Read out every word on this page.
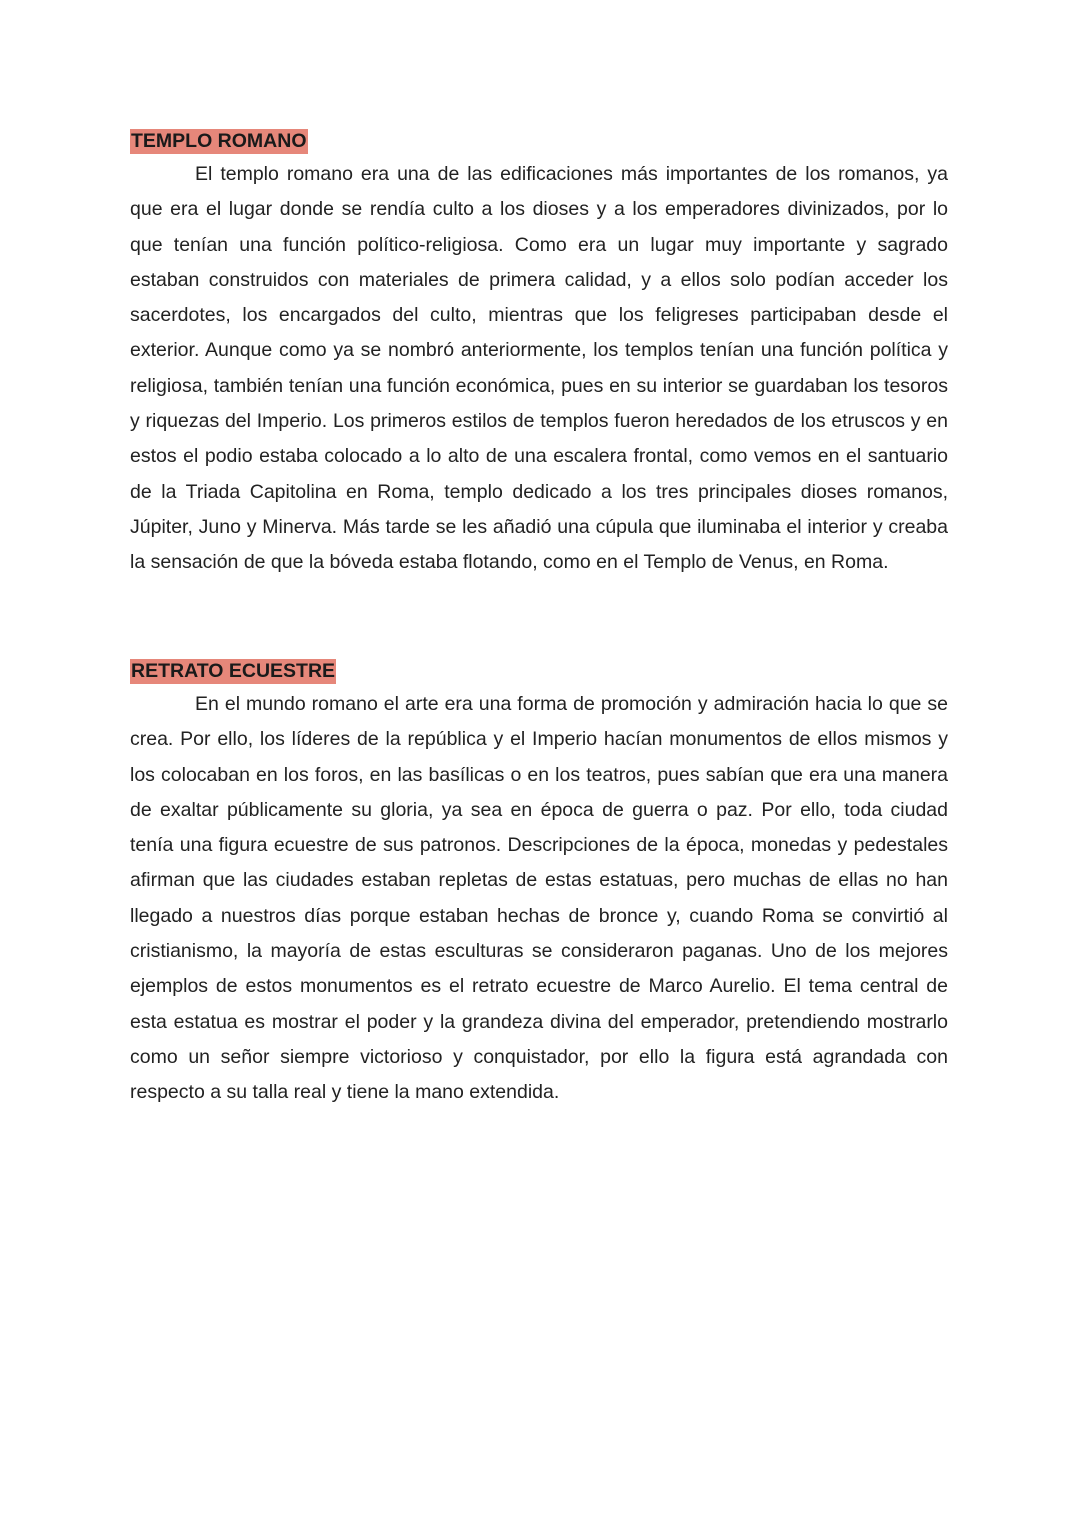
TEMPLO ROMANO

El templo romano era una de las edificaciones más importantes de los romanos, ya que era el lugar donde se rendía culto a los dioses y a los emperadores divinizados, por lo que tenían una función político-religiosa. Como era un lugar muy importante y sagrado estaban construidos con materiales de primera calidad, y a ellos solo podían acceder los sacerdotes, los encargados del culto, mientras que los feligreses participaban desde el exterior. Aunque como ya se nombró anteriormente, los templos tenían una función política y religiosa, también tenían una función económica, pues en su interior se guardaban los tesoros y riquezas del Imperio. Los primeros estilos de templos fueron heredados de los etruscos y en estos el podio estaba colocado a lo alto de una escalera frontal, como vemos en el santuario de la Triada Capitolina en Roma, templo dedicado a los tres principales dioses romanos, Júpiter, Juno y Minerva. Más tarde se les añadió una cúpula que iluminaba el interior y creaba la sensación de que la bóveda estaba flotando, como en el Templo de Venus, en Roma.

RETRATO ECUESTRE

En el mundo romano el arte era una forma de promoción y admiración hacia lo que se crea. Por ello, los líderes de la república y el Imperio hacían monumentos de ellos mismos y los colocaban en los foros, en las basílicas o en los teatros, pues sabían que era una manera de exaltar públicamente su gloria, ya sea en época de guerra o paz. Por ello, toda ciudad tenía una figura ecuestre de sus patronos. Descripciones de la época, monedas y pedestales afirman que las ciudades estaban repletas de estas estatuas, pero muchas de ellas no han llegado a nuestros días porque estaban hechas de bronce y, cuando Roma se convirtió al cristianismo, la mayoría de estas esculturas se consideraron paganas. Uno de los mejores ejemplos de estos monumentos es el retrato ecuestre de Marco Aurelio. El tema central de esta estatua es mostrar el poder y la grandeza divina del emperador, pretendiendo mostrarlo como un señor siempre victorioso y conquistador, por ello la figura está agrandada con respecto a su talla real y tiene la mano extendida.
